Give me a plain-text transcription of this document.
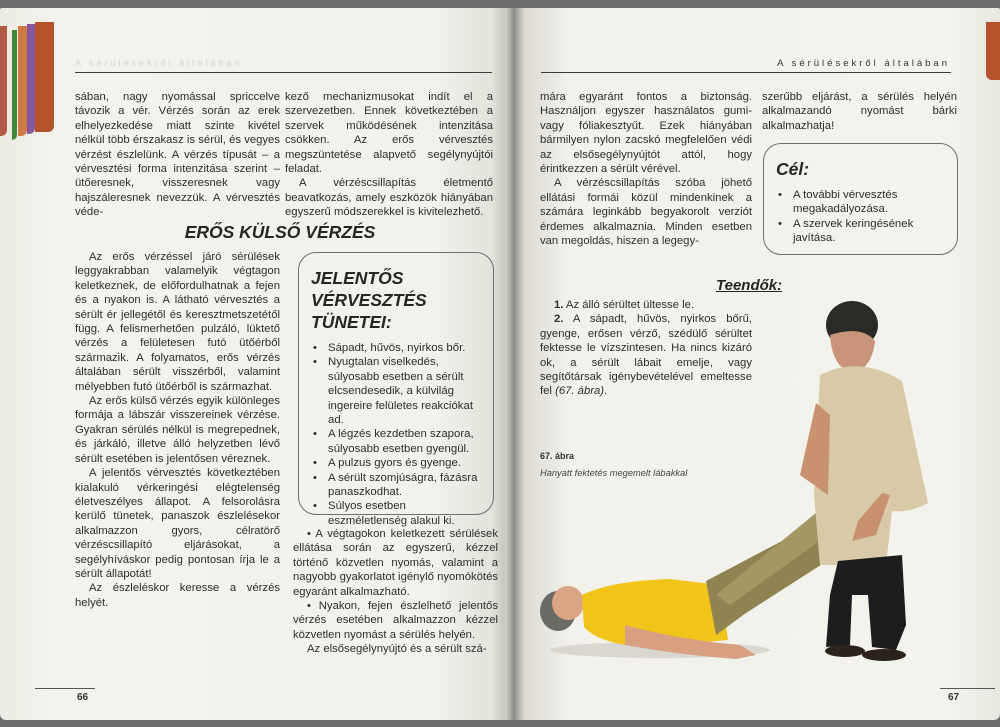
A sérülésekről általában

sában, nagy nyomással spriccelve távozik a vér. Vérzés során az erek elhelyezkedése miatt szinte kivétel nélkül több érszakasz is sérül, és vegyes vérzést észlelünk. A vérzés típusát – a vérvesztési forma intenzitása szerint – ütőeresnek, visszeresnek vagy hajszáleresnek nevezzük. A vérvesztés véde-

kező mechanizmusokat indít el a szervezetben. Ennek következtében a szervek működésének intenzitása csökken. Az erős vérvesztés megszüntetése alapvető segélynyújtói feladat.

A vérzéscsillapítás életmentő beavatkozás, amely eszközök hiányában egyszerű módszerekkel is kivitelezhető.

ERŐS KÜLSŐ VÉRZÉS

Az erős vérzéssel járó sérülések leggyakrabban valamelyik végtagon keletkeznek, de előfordulhatnak a fejen és a nyakon is. A látható vérvesztés a sérült ér jellegétől és keresztmetszetétől függ. A felismerhetően pulzáló, lüktető vérzés a felületesen futó ütőérből származik. A folyamatos, erős vérzés általában sérült visszérből, valamint mélyebben futó ütőérből is származhat.

Az erős külső vérzés egyik különleges formája a lábszár visszereinek vérzése. Gyakran sérülés nélkül is megrepednek, és járkáló, illetve álló helyzetben lévő sérült esetében is jelentősen véreznek.

A jelentős vérvesztés következtében kialakuló vérkeringési elégtelenség életveszélyes állapot. A felsorolásra kerülő tünetek, panaszok észlelésekor alkalmazzon gyors, célratörő vérzéscsillapító eljárásokat, a segélyhíváskor pedig pontosan írja le a sérült állapotát!

Az észleléskor keresse a vérzés helyét.

JELENTŐS
VÉRVESZTÉS TÜNETEI:
• Sápadt, hűvös, nyirkos bőr.
• Nyugtalan viselkedés, súlyosabb esetben a sérült elcsendesedik, a külvilág ingereire felületes reakciókat ad.
• A légzés kezdetben szapora, súlyosabb esetben gyengül.
• A pulzus gyors és gyenge.
• A sérült szomjúságra, fázásra panaszkodhat.
• Súlyos esetben eszméletlenség alakul ki.

• A végtagokon keletkezett sérülések ellátása során az egyszerű, kézzel történő közvetlen nyomás, valamint a nagyobb gyakorlatot igénylő nyomókötés egyaránt alkalmazható.

• Nyakon, fejen észlelhető jelentős vérzés esetében alkalmazzon kézzel közvetlen nyomást a sérülés helyén.

Az elsősegélynyújtó és a sérült szá-

66
A sérülésekről általában

mára egyaránt fontos a biztonság. Használjon egyszer használatos gumi- vagy fóliakesztyűt. Ezek hiányában bármilyen nylon zacskó megfelelően védi az elsősegélynyújtót attól, hogy érintkezzen a sérült vérével.

A vérzéscsillapítás szóba jöhető ellátási formái közül mindenkinek a számára leginkább begyakorolt verziót érdemes alkalmaznia. Minden esetben van megoldás, hiszen a legegy-

szerűbb eljárást, a sérülés helyén alkalmazandó nyomást bárki alkalmazhatja!

Cél:
• A további vérvesztés megakadályozása.
• A szervek keringésének javítása.
Teendők:

1. Az álló sérültet ültesse le.

2. A sápadt, hűvös, nyirkos bőrű, gyenge, erősen vérző, szédülő sérültet fektesse le vízszintesen. Ha nincs kizáró ok, a sérült lábait emelje, vagy segítőtársak igénybevételével emeltesse fel (67. ábra).

67. ábra
Hanyatt fektetés megemelt lábakkal
67
